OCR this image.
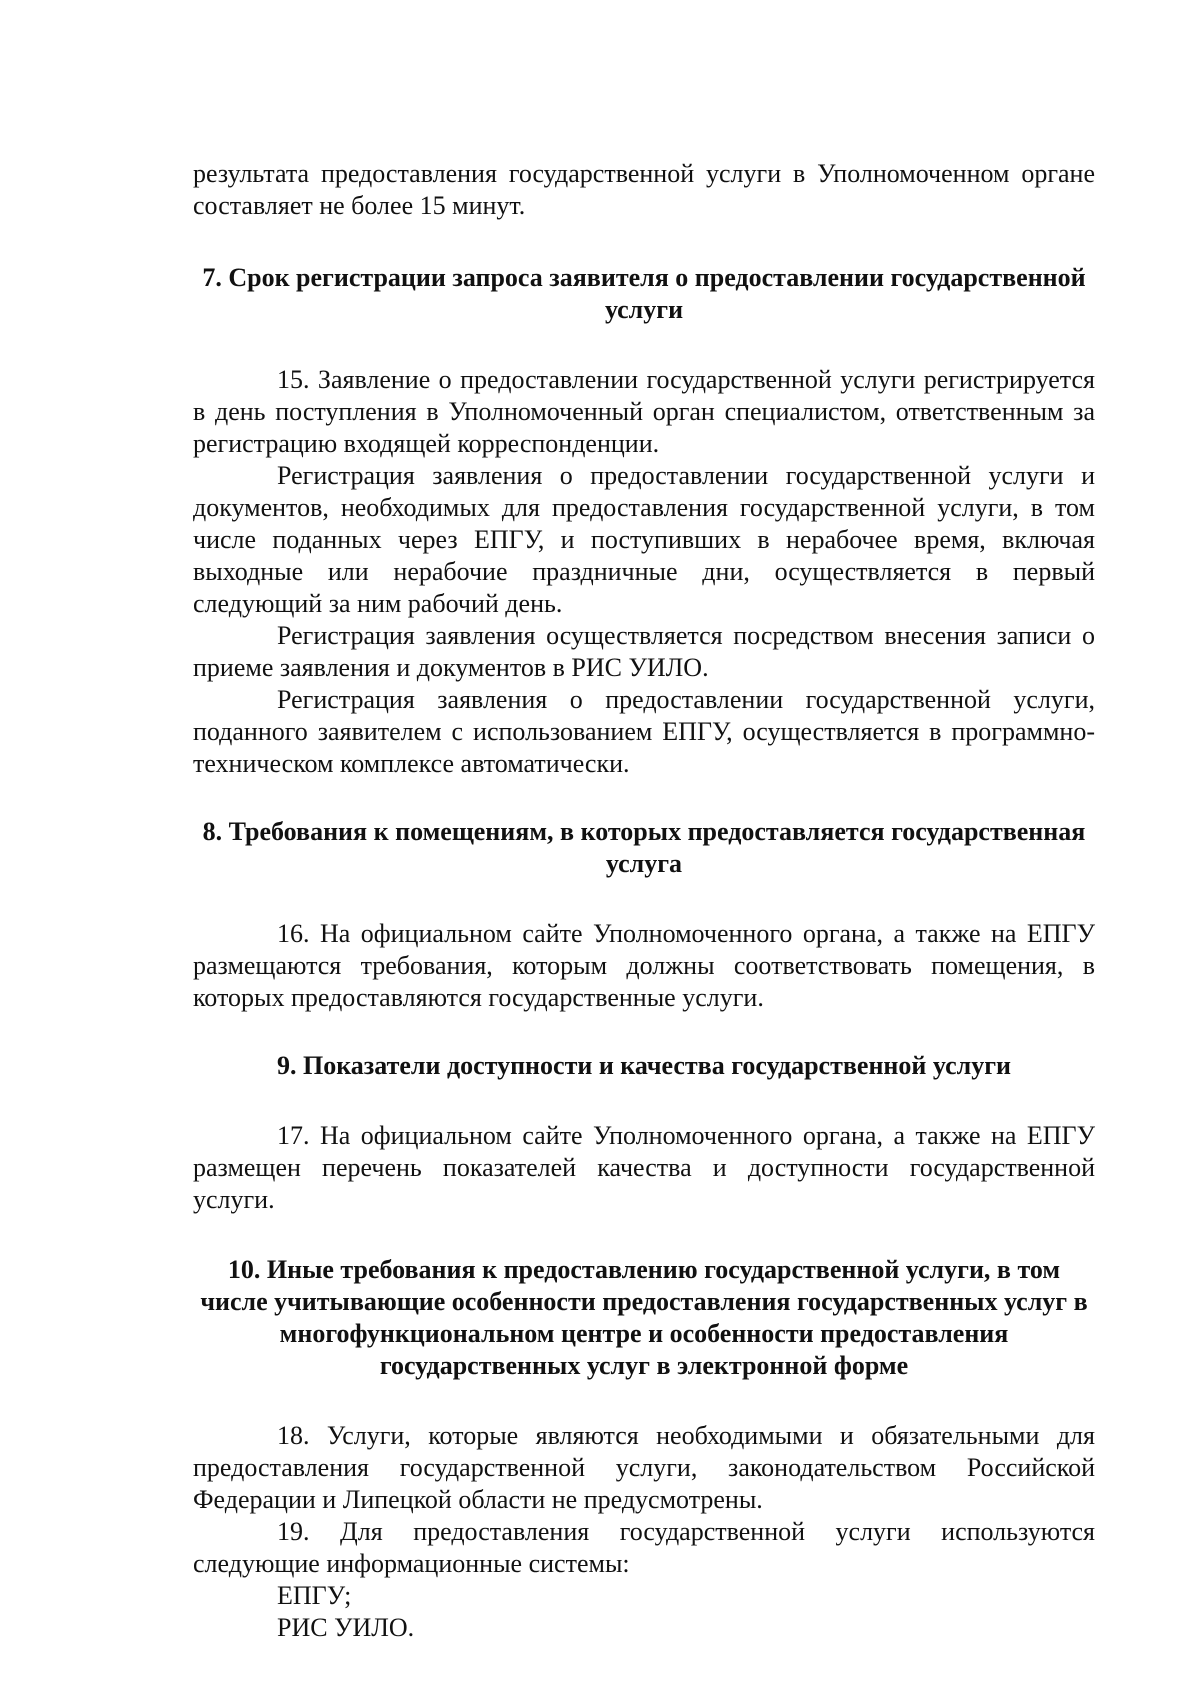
результата предоставления государственной услуги в Уполномоченном органе составляет не более 15 минут.

7. Срок регистрации запроса заявителя о предоставлении государственной услуги

15. Заявление о предоставлении государственной услуги регистрируется в день поступления в Уполномоченный орган специалистом, ответственным за регистрацию входящей корреспонденции.

Регистрация заявления о предоставлении государственной услуги и документов, необходимых для предоставления государственной услуги, в том числе поданных через ЕПГУ, и поступивших в нерабочее время, включая выходные или нерабочие праздничные дни, осуществляется в первый следующий за ним рабочий день.

Регистрация заявления осуществляется посредством внесения записи о приеме заявления и документов в РИС УИЛО.

Регистрация заявления о предоставлении государственной услуги, поданного заявителем с использованием ЕПГУ, осуществляется в программно-техническом комплексе автоматически.

8. Требования к помещениям, в которых предоставляется государственная услуга

16. На официальном сайте Уполномоченного органа, а также на ЕПГУ размещаются требования, которым должны соответствовать помещения, в которых предоставляются государственные услуги.

9. Показатели доступности и качества государственной услуги

17. На официальном сайте Уполномоченного органа, а также на ЕПГУ размещен перечень показателей качества и доступности государственной услуги.

10. Иные требования к предоставлению государственной услуги, в том числе учитывающие особенности предоставления государственных услуг в многофункциональном центре и особенности предоставления государственных услуг в электронной форме

18. Услуги, которые являются необходимыми и обязательными для предоставления государственной услуги, законодательством Российской Федерации и Липецкой области не предусмотрены.

19. Для предоставления государственной услуги используются следующие информационные системы:

ЕПГУ;

РИС УИЛО.
